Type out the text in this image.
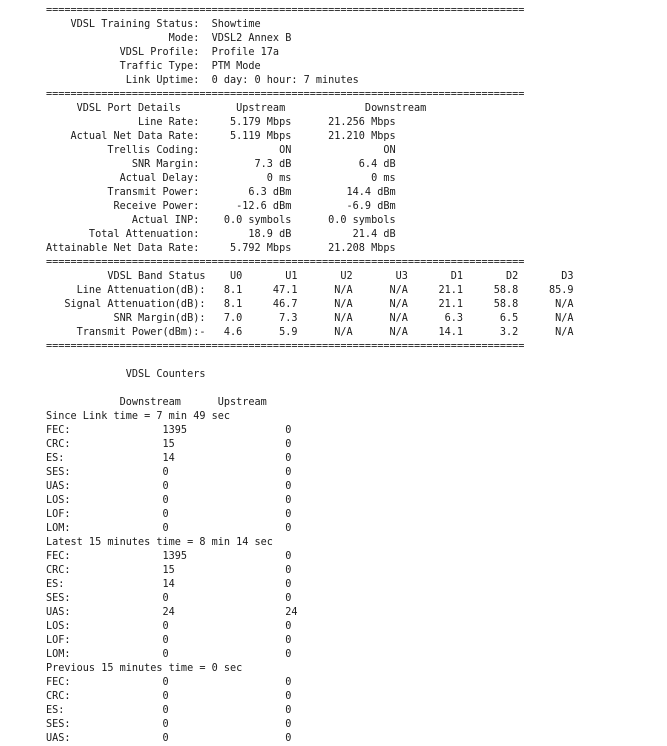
==============================================================================
VDSL Training Status:  Showtime
Mode:  VDSL2 Annex B
VDSL Profile:  Profile 17a
Traffic Type:  PTM Mode
Link Uptime:  0 day: 0 hour: 7 minutes
==============================================================================
VDSL Port Details         Upstream             Downstream
Line Rate:     5.179 Mbps      21.256 Mbps
Actual Net Data Rate:     5.119 Mbps      21.210 Mbps
Trellis Coding:             ON               ON
SNR Margin:         7.3 dB           6.4 dB
Actual Delay:           0 ms             0 ms
Transmit Power:        6.3 dBm         14.4 dBm
Receive Power:      -12.6 dBm         -6.9 dBm
Actual INP:    0.0 symbols      0.0 symbols
Total Attenuation:        18.9 dB          21.4 dB
Attainable Net Data Rate:     5.792 Mbps      21.208 Mbps
==============================================================================
VDSL Band Status    U0       U1       U2       U3       D1       D2       D3
Line Attenuation(dB):   8.1     47.1      N/A      N/A     21.1     58.8     85.9
Signal Attenuation(dB):   8.1     46.7      N/A      N/A     21.1     58.8      N/A
SNR Margin(dB):   7.0      7.3      N/A      N/A      6.3      6.5      N/A
Transmit Power(dBm):-   4.6      5.9      N/A      N/A     14.1      3.2      N/A
==============================================================================

VDSL Counters

Downstream      Upstream
Since Link time = 7 min 49 sec
FEC:               1395                0
CRC:               15                  0
ES:                14                  0
SES:               0                   0
UAS:               0                   0
LOS:               0                   0
LOF:               0                   0
LOM:               0                   0
Latest 15 minutes time = 8 min 14 sec
FEC:               1395                0
CRC:               15                  0
ES:                14                  0
SES:               0                   0
UAS:               24                  24
LOS:               0                   0
LOF:               0                   0
LOM:               0                   0
Previous 15 minutes time = 0 sec
FEC:               0                   0
CRC:               0                   0
ES:                0                   0
SES:               0                   0
UAS:               0                   0
